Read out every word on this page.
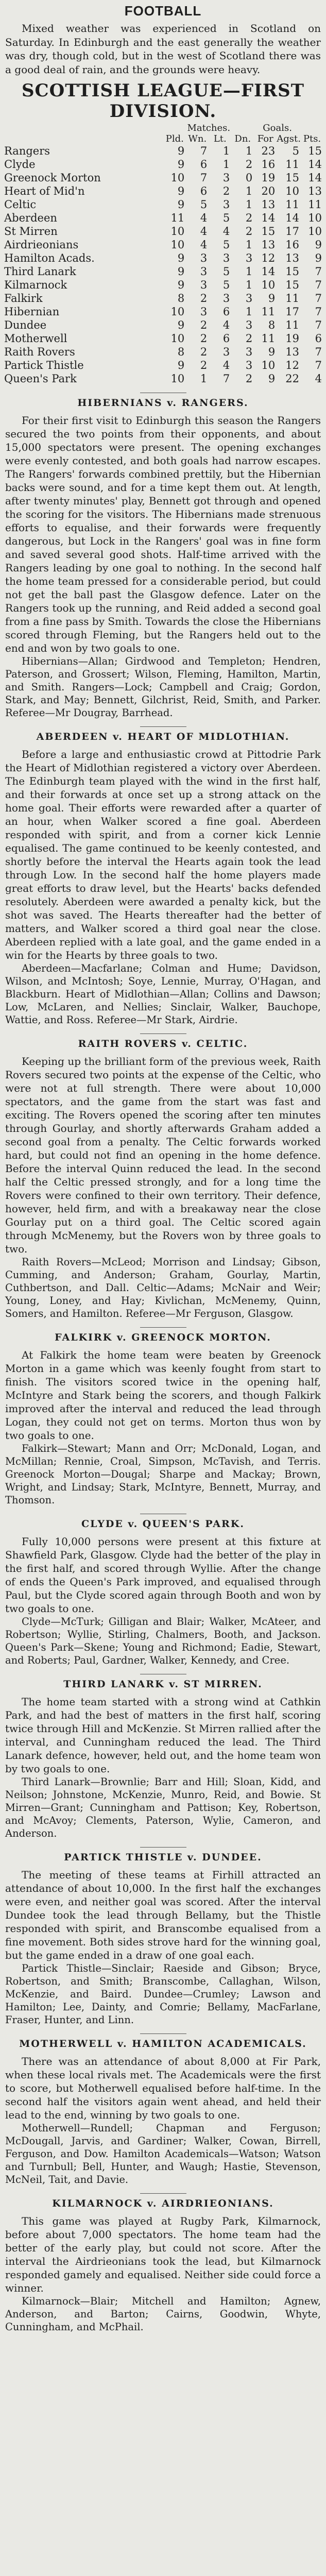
FOOTBALL

Mixed weather was experienced in Scotland on Saturday. In Edinburgh and the east generally the weather was dry, though cold, but in the west of Scotland there was a good deal of rain, and the grounds were heavy.

SCOTTISH LEAGUE—FIRST DIVISION.
	Matches.				Goals.		
	Pld.	Wn.	Lt.	Dn.	For	Agst.	Pts.
Rangers	9	7	1	1	23	5	15
Clyde	9	6	1	2	16	11	14
Greenock Morton	10	7	3	0	19	15	14
Heart of Mid'n	9	6	2	1	20	10	13
Celtic	9	5	3	1	13	11	11
Aberdeen	11	4	5	2	14	14	10
St Mirren	10	4	4	2	15	17	10
Airdrieonians	10	4	5	1	13	16	9
Hamilton Acads.	9	3	3	3	12	13	9
Third Lanark	9	3	5	1	14	15	7
Kilmarnock	9	3	5	1	10	15	7
Falkirk	8	2	3	3	9	11	7
Hibernian	10	3	6	1	11	17	7
Dundee	9	2	4	3	8	11	7
Motherwell	10	2	6	2	11	19	6
Raith Rovers	8	2	3	3	9	13	7
Partick Thistle	9	2	4	3	10	12	7
Queen's Park	10	1	7	2	9	22	4
HIBERNIANS v. RANGERS.

For their first visit to Edinburgh this season the Rangers secured the two points from their opponents, and about 15,000 spectators were present. The opening exchanges were evenly contested, and both goals had narrow escapes. The Rangers' forwards combined prettily, but the Hibernian backs were sound, and for a time kept them out. At length, after twenty minutes' play, Bennett got through and opened the scoring for the visitors. The Hibernians made strenuous efforts to equalise, and their forwards were frequently dangerous, but Lock in the Rangers' goal was in fine form and saved several good shots. Half-time arrived with the Rangers leading by one goal to nothing. In the second half the home team pressed for a considerable period, but could not get the ball past the Glasgow defence. Later on the Rangers took up the running, and Reid added a second goal from a fine pass by Smith. Towards the close the Hibernians scored through Fleming, but the Rangers held out to the end and won by two goals to one.

Hibernians—Allan; Girdwood and Templeton; Hendren, Paterson, and Grossert; Wilson, Fleming, Hamilton, Martin, and Smith. Rangers—Lock; Campbell and Craig; Gordon, Stark, and May; Bennett, Gilchrist, Reid, Smith, and Parker. Referee—Mr Dougray, Barrhead.

ABERDEEN v. HEART OF MIDLOTHIAN.

Before a large and enthusiastic crowd at Pittodrie Park the Heart of Midlothian registered a victory over Aberdeen. The Edinburgh team played with the wind in the first half, and their forwards at once set up a strong attack on the home goal. Their efforts were rewarded after a quarter of an hour, when Walker scored a fine goal. Aberdeen responded with spirit, and from a corner kick Lennie equalised. The game continued to be keenly contested, and shortly before the interval the Hearts again took the lead through Low. In the second half the home players made great efforts to draw level, but the Hearts' backs defended resolutely. Aberdeen were awarded a penalty kick, but the shot was saved. The Hearts thereafter had the better of matters, and Walker scored a third goal near the close. Aberdeen replied with a late goal, and the game ended in a win for the Hearts by three goals to two.

Aberdeen—Macfarlane; Colman and Hume; Davidson, Wilson, and McIntosh; Soye, Lennie, Murray, O'Hagan, and Blackburn. Heart of Midlothian—Allan; Collins and Dawson; Low, McLaren, and Nellies; Sinclair, Walker, Bauchope, Wattie, and Ross. Referee—Mr Stark, Airdrie.

RAITH ROVERS v. CELTIC.

Keeping up the brilliant form of the previous week, Raith Rovers secured two points at the expense of the Celtic, who were not at full strength. There were about 10,000 spectators, and the game from the start was fast and exciting. The Rovers opened the scoring after ten minutes through Gourlay, and shortly afterwards Graham added a second goal from a penalty. The Celtic forwards worked hard, but could not find an opening in the home defence. Before the interval Quinn reduced the lead. In the second half the Celtic pressed strongly, and for a long time the Rovers were confined to their own territory. Their defence, however, held firm, and with a breakaway near the close Gourlay put on a third goal. The Celtic scored again through McMenemy, but the Rovers won by three goals to two.

Raith Rovers—McLeod; Morrison and Lindsay; Gibson, Cumming, and Anderson; Graham, Gourlay, Martin, Cuthbertson, and Dall. Celtic—Adams; McNair and Weir; Young, Loney, and Hay; Kivlichan, McMenemy, Quinn, Somers, and Hamilton. Referee—Mr Ferguson, Glasgow.

FALKIRK v. GREENOCK MORTON.

At Falkirk the home team were beaten by Greenock Morton in a game which was keenly fought from start to finish. The visitors scored twice in the opening half, McIntyre and Stark being the scorers, and though Falkirk improved after the interval and reduced the lead through Logan, they could not get on terms. Morton thus won by two goals to one.

Falkirk—Stewart; Mann and Orr; McDonald, Logan, and McMillan; Rennie, Croal, Simpson, McTavish, and Terris. Greenock Morton—Dougal; Sharpe and Mackay; Brown, Wright, and Lindsay; Stark, McIntyre, Bennett, Murray, and Thomson.

CLYDE v. QUEEN'S PARK.

Fully 10,000 persons were present at this fixture at Shawfield Park, Glasgow. Clyde had the better of the play in the first half, and scored through Wyllie. After the change of ends the Queen's Park improved, and equalised through Paul, but the Clyde scored again through Booth and won by two goals to one.

Clyde—McTurk; Gilligan and Blair; Walker, McAteer, and Robertson; Wyllie, Stirling, Chalmers, Booth, and Jackson. Queen's Park—Skene; Young and Richmond; Eadie, Stewart, and Roberts; Paul, Gardner, Walker, Kennedy, and Cree.

THIRD LANARK v. ST MIRREN.

The home team started with a strong wind at Cathkin Park, and had the best of matters in the first half, scoring twice through Hill and McKenzie. St Mirren rallied after the interval, and Cunningham reduced the lead. The Third Lanark defence, however, held out, and the home team won by two goals to one.

Third Lanark—Brownlie; Barr and Hill; Sloan, Kidd, and Neilson; Johnstone, McKenzie, Munro, Reid, and Bowie. St Mirren—Grant; Cunningham and Pattison; Key, Robertson, and McAvoy; Clements, Paterson, Wylie, Cameron, and Anderson.

PARTICK THISTLE v. DUNDEE.

The meeting of these teams at Firhill attracted an attendance of about 10,000. In the first half the exchanges were even, and neither goal was scored. After the interval Dundee took the lead through Bellamy, but the Thistle responded with spirit, and Branscombe equalised from a fine movement. Both sides strove hard for the winning goal, but the game ended in a draw of one goal each.

Partick Thistle—Sinclair; Raeside and Gibson; Bryce, Robertson, and Smith; Branscombe, Callaghan, Wilson, McKenzie, and Baird. Dundee—Crumley; Lawson and Hamilton; Lee, Dainty, and Comrie; Bellamy, MacFarlane, Fraser, Hunter, and Linn.

MOTHERWELL v. HAMILTON ACADEMICALS.

There was an attendance of about 8,000 at Fir Park, when these local rivals met. The Academicals were the first to score, but Motherwell equalised before half-time. In the second half the visitors again went ahead, and held their lead to the end, winning by two goals to one.

Motherwell—Rundell; Chapman and Ferguson; McDougall, Jarvis, and Gardiner; Walker, Cowan, Birrell, Ferguson, and Dow. Hamilton Academicals—Watson; Watson and Turnbull; Bell, Hunter, and Waugh; Hastie, Stevenson, McNeil, Tait, and Davie.

KILMARNOCK v. AIRDRIEONIANS.

This game was played at Rugby Park, Kilmarnock, before about 7,000 spectators. The home team had the better of the early play, but could not score. After the interval the Airdrieonians took the lead, but Kilmarnock responded gamely and equalised. Neither side could force a winner.

Kilmarnock—Blair; Mitchell and Hamilton; Agnew, Anderson, and Barton; Cairns, Goodwin, Whyte, Cunningham, and McPhail.
